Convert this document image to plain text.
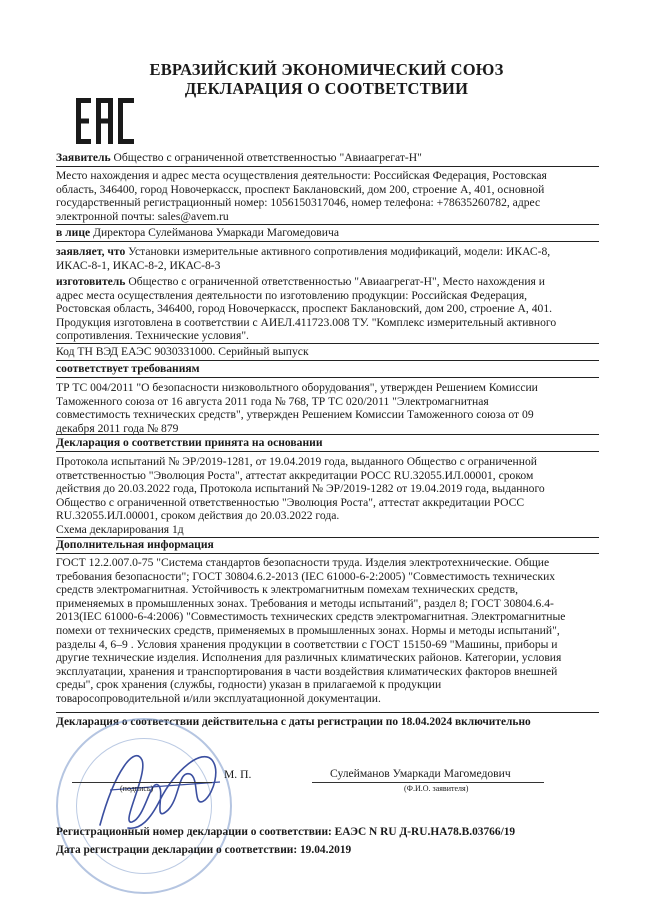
ЕВРАЗИЙСКИЙ ЭКОНОМИЧЕСКИЙ СОЮЗ
ДЕКЛАРАЦИЯ О СООТВЕТСТВИИ
Заявитель Общество с ограниченной ответственностью "Авиаагрегат-Н"
Место нахождения и адрес места осуществления деятельности: Российская Федерация, Ростовская
область, 346400, город Новочеркасск, проспект Баклановский, дом 200, строение А, 401, основной
государственный регистрационный номер: 1056150317046, номер телефона: +78635260782, адрес
электронной почты: sales@avem.ru
в лице Директора Сулейманова Умаркади Магомедовича
заявляет, что Установки измерительные активного сопротивления модификаций, модели: ИКАС-8,
ИКАС-8-1, ИКАС-8-2, ИКАС-8-3
изготовитель Общество с ограниченной ответственностью "Авиаагрегат-Н", Место нахождения и
адрес места осуществления деятельности по изготовлению продукции: Российская Федерация,
Ростовская область, 346400, город Новочеркасск, проспект Баклановский, дом 200, строение А, 401.
Продукция изготовлена в соответствии с АИЕЛ.411723.008 ТУ. "Комплекс измерительный активного
сопротивления. Технические условия".
Код ТН ВЭД ЕАЭС 9030331000. Серийный выпуск
соответствует требованиям
ТР ТС 004/2011 "О безопасности низковольтного оборудования", утвержден Решением Комиссии
Таможенного союза от 16 августа 2011 года № 768, ТР ТС 020/2011 "Электромагнитная
совместимость технических средств", утвержден Решением Комиссии Таможенного союза от 09
декабря 2011 года № 879
Декларация о соответствии принята на основании
Протокола испытаний № ЭР/2019-1281, от 19.04.2019 года, выданного Общество с ограниченной
ответственностью "Эволюция Роста", аттестат аккредитации РОСС RU.32055.ИЛ.00001, сроком
действия до 20.03.2022 года, Протокола испытаний № ЭР/2019-1282 от 19.04.2019 года, выданного
Общество с ограниченной ответственностью "Эволюция Роста", аттестат аккредитации РОСС
RU.32055.ИЛ.00001, сроком действия до 20.03.2022 года.
Схема декларирования 1д
Дополнительная информация
ГОСТ 12.2.007.0-75 "Система стандартов безопасности труда. Изделия электротехнические. Общие
требования безопасности"; ГОСТ 30804.6.2-2013 (IEC 61000-6-2:2005) "Совместимость технических
средств электромагнитная. Устойчивость к электромагнитным помехам технических средств,
применяемых в промышленных зонах. Требования и методы испытаний", раздел 8; ГОСТ 30804.6.4-
2013(IEC 61000-6-4:2006) "Совместимость технических средств электромагнитная. Электромагнитные
помехи от технических средств, применяемых в промышленных зонах. Нормы и методы испытаний",
разделы 4, 6–9 . Условия хранения продукции в соответствии с ГОСТ 15150-69 "Машины, приборы и
другие технические изделия. Исполнения для различных климатических районов. Категории, условия
эксплуатации, хранения и транспортирования в части воздействия климатических факторов внешней
среды", срок хранения (службы, годности) указан в прилагаемой к продукции
товаросопроводительной и/или эксплуатационной документации.
Декларация о соответствии действительна с даты регистрации по 18.04.2024 включительно
М. П.
(подпись)
Сулейманов Умаркади Магомедович
(Ф.И.О. заявителя)
Регистрационный номер декларации о соответствии: ЕАЭС N RU Д-RU.НА78.В.03766/19
Дата регистрации декларации о соответствии: 19.04.2019
